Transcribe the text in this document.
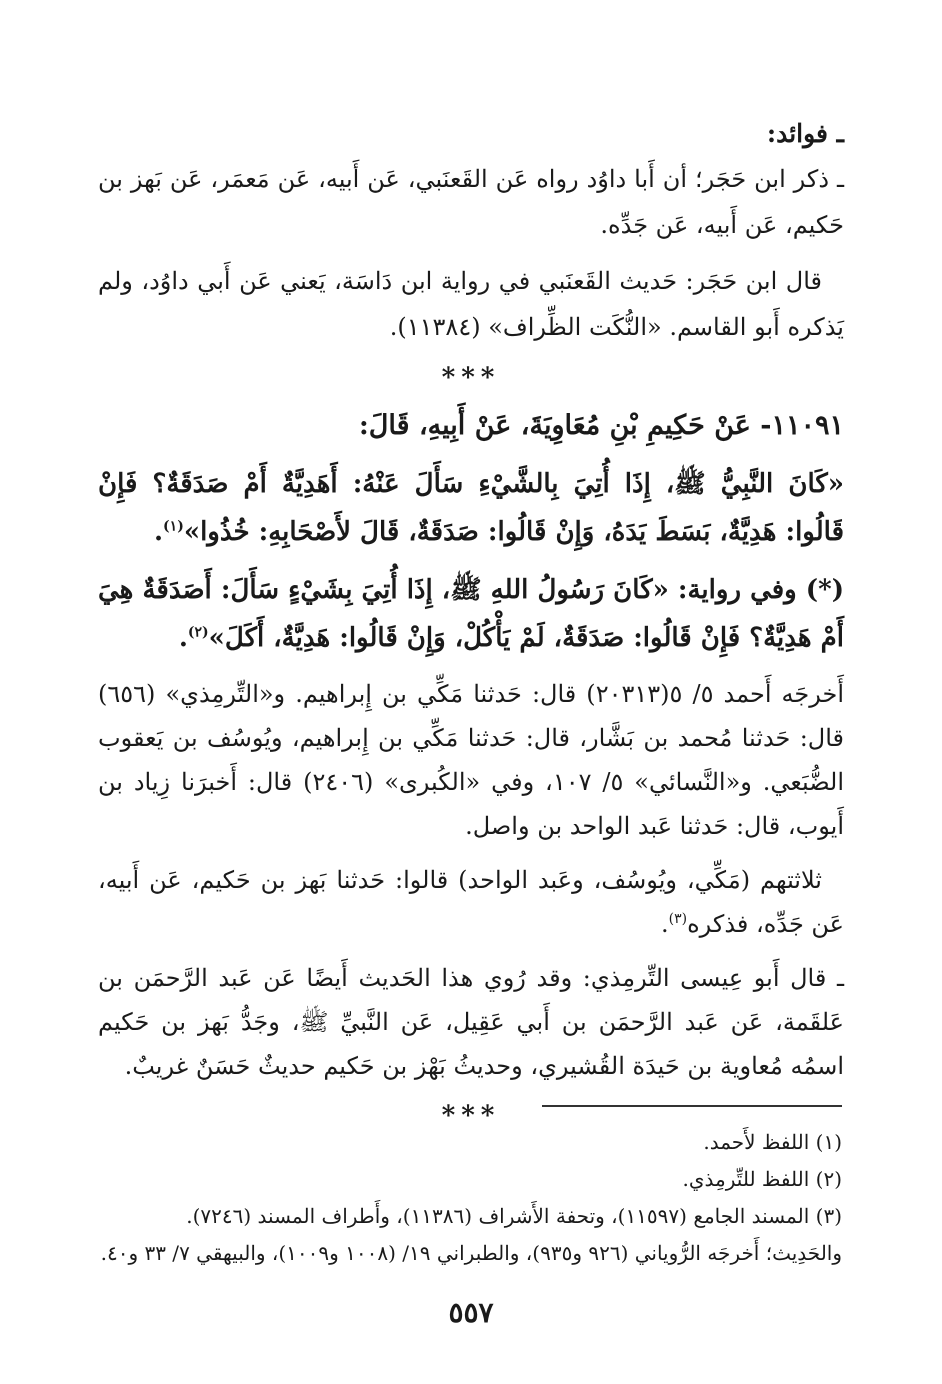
ـ فوائد:

ـ ذكر ابن حَجَر؛ أن أَبا داوُد رواه عَن القَعنَبي، عَن أَبيه، عَن مَعمَر، عَن بَهز بن حَكيم، عَن أَبيه، عَن جَدِّه.

قال ابن حَجَر: حَديث القَعنَبي في رواية ابن دَاسَة، يَعني عَن أَبي داوُد، ولم يَذكره أَبو القاسم. «النُّكَت الظِّراف» (١١٣٨٤).

***

١١٠٩١- عَنْ حَكِيمِ بْنِ مُعَاوِيَةَ، عَنْ أَبِيهِ، قَالَ:

«كَانَ النَّبِيُّ ﷺ، إِذَا أُتِيَ بِالشَّيْءِ سَأَلَ عَنْهُ: أَهَدِيَّةٌ أَمْ صَدَقَةٌ؟ فَإِنْ قَالُوا: هَدِيَّةٌ، بَسَطَ يَدَهُ، وَإِنْ قَالُوا: صَدَقَةٌ، قَالَ لأَصْحَابِهِ: خُذُوا»$^{(١)}$.

(*) وفي رواية: «كَانَ رَسُولُ اللهِ ﷺ، إِذَا أُتِيَ بِشَيْءٍ سَأَلَ: أَصَدَقَةٌ هِيَ أَمْ هَدِيَّةٌ؟ فَإِنْ قَالُوا: صَدَقَةٌ، لَمْ يَأْكُلْ، وَإِنْ قَالُوا: هَدِيَّةٌ، أَكَلَ»$^{(٢)}$.

أَخرجَه أَحمد ٥/ ٥(٢٠٣١٣) قال: حَدثنا مَكِّي بن إِبراهيم. و«التِّرمِذي» (٦٥٦) قال: حَدثنا مُحمد بن بَشَّار، قال: حَدثنا مَكِّي بن إِبراهيم، ويُوسُف بن يَعقوب الضُّبَعي. و«النَّسائي» ٥/ ١٠٧، وفي «الكُبرى» (٢٤٠٦) قال: أَخبرَنا زِياد بن أَيوب، قال: حَدثنا عَبد الواحد بن واصل.

ثلاثتهم (مَكِّي، ويُوسُف، وعَبد الواحد) قالوا: حَدثنا بَهز بن حَكيم، عَن أَبيه، عَن جَدِّه، فذكره$^{(٣)}$.

ـ قال أَبو عِيسى التِّرمِذي: وقد رُوي هذا الحَديث أَيضًا عَن عَبد الرَّحمَن بن عَلقَمة، عَن عَبد الرَّحمَن بن أَبي عَقِيل، عَن النَّبيِّ ﷺ، وجَدُّ بَهز بن حَكيم اسمُه مُعاوية بن حَيدَة القُشيري، وحديثُ بَهْز بن حَكيم حديثٌ حَسَنٌ غريبٌ.

***

(١) اللفظ لأَحمد.

(٢) اللفظ للتِّرمِذي.

(٣) المسند الجامع (١١٥٩٧)، وتحفة الأَشراف (١١٣٨٦)، وأَطراف المسند (٧٢٤٦).

والحَدِيث؛ أَخرجَه الرُّوياني (٩٢٦ و٩٣٥)، والطبراني ١٩/ (١٠٠٨ و١٠٠٩)، والبيهقي ٧/ ٣٣ و٤٠.

٥٥٧
